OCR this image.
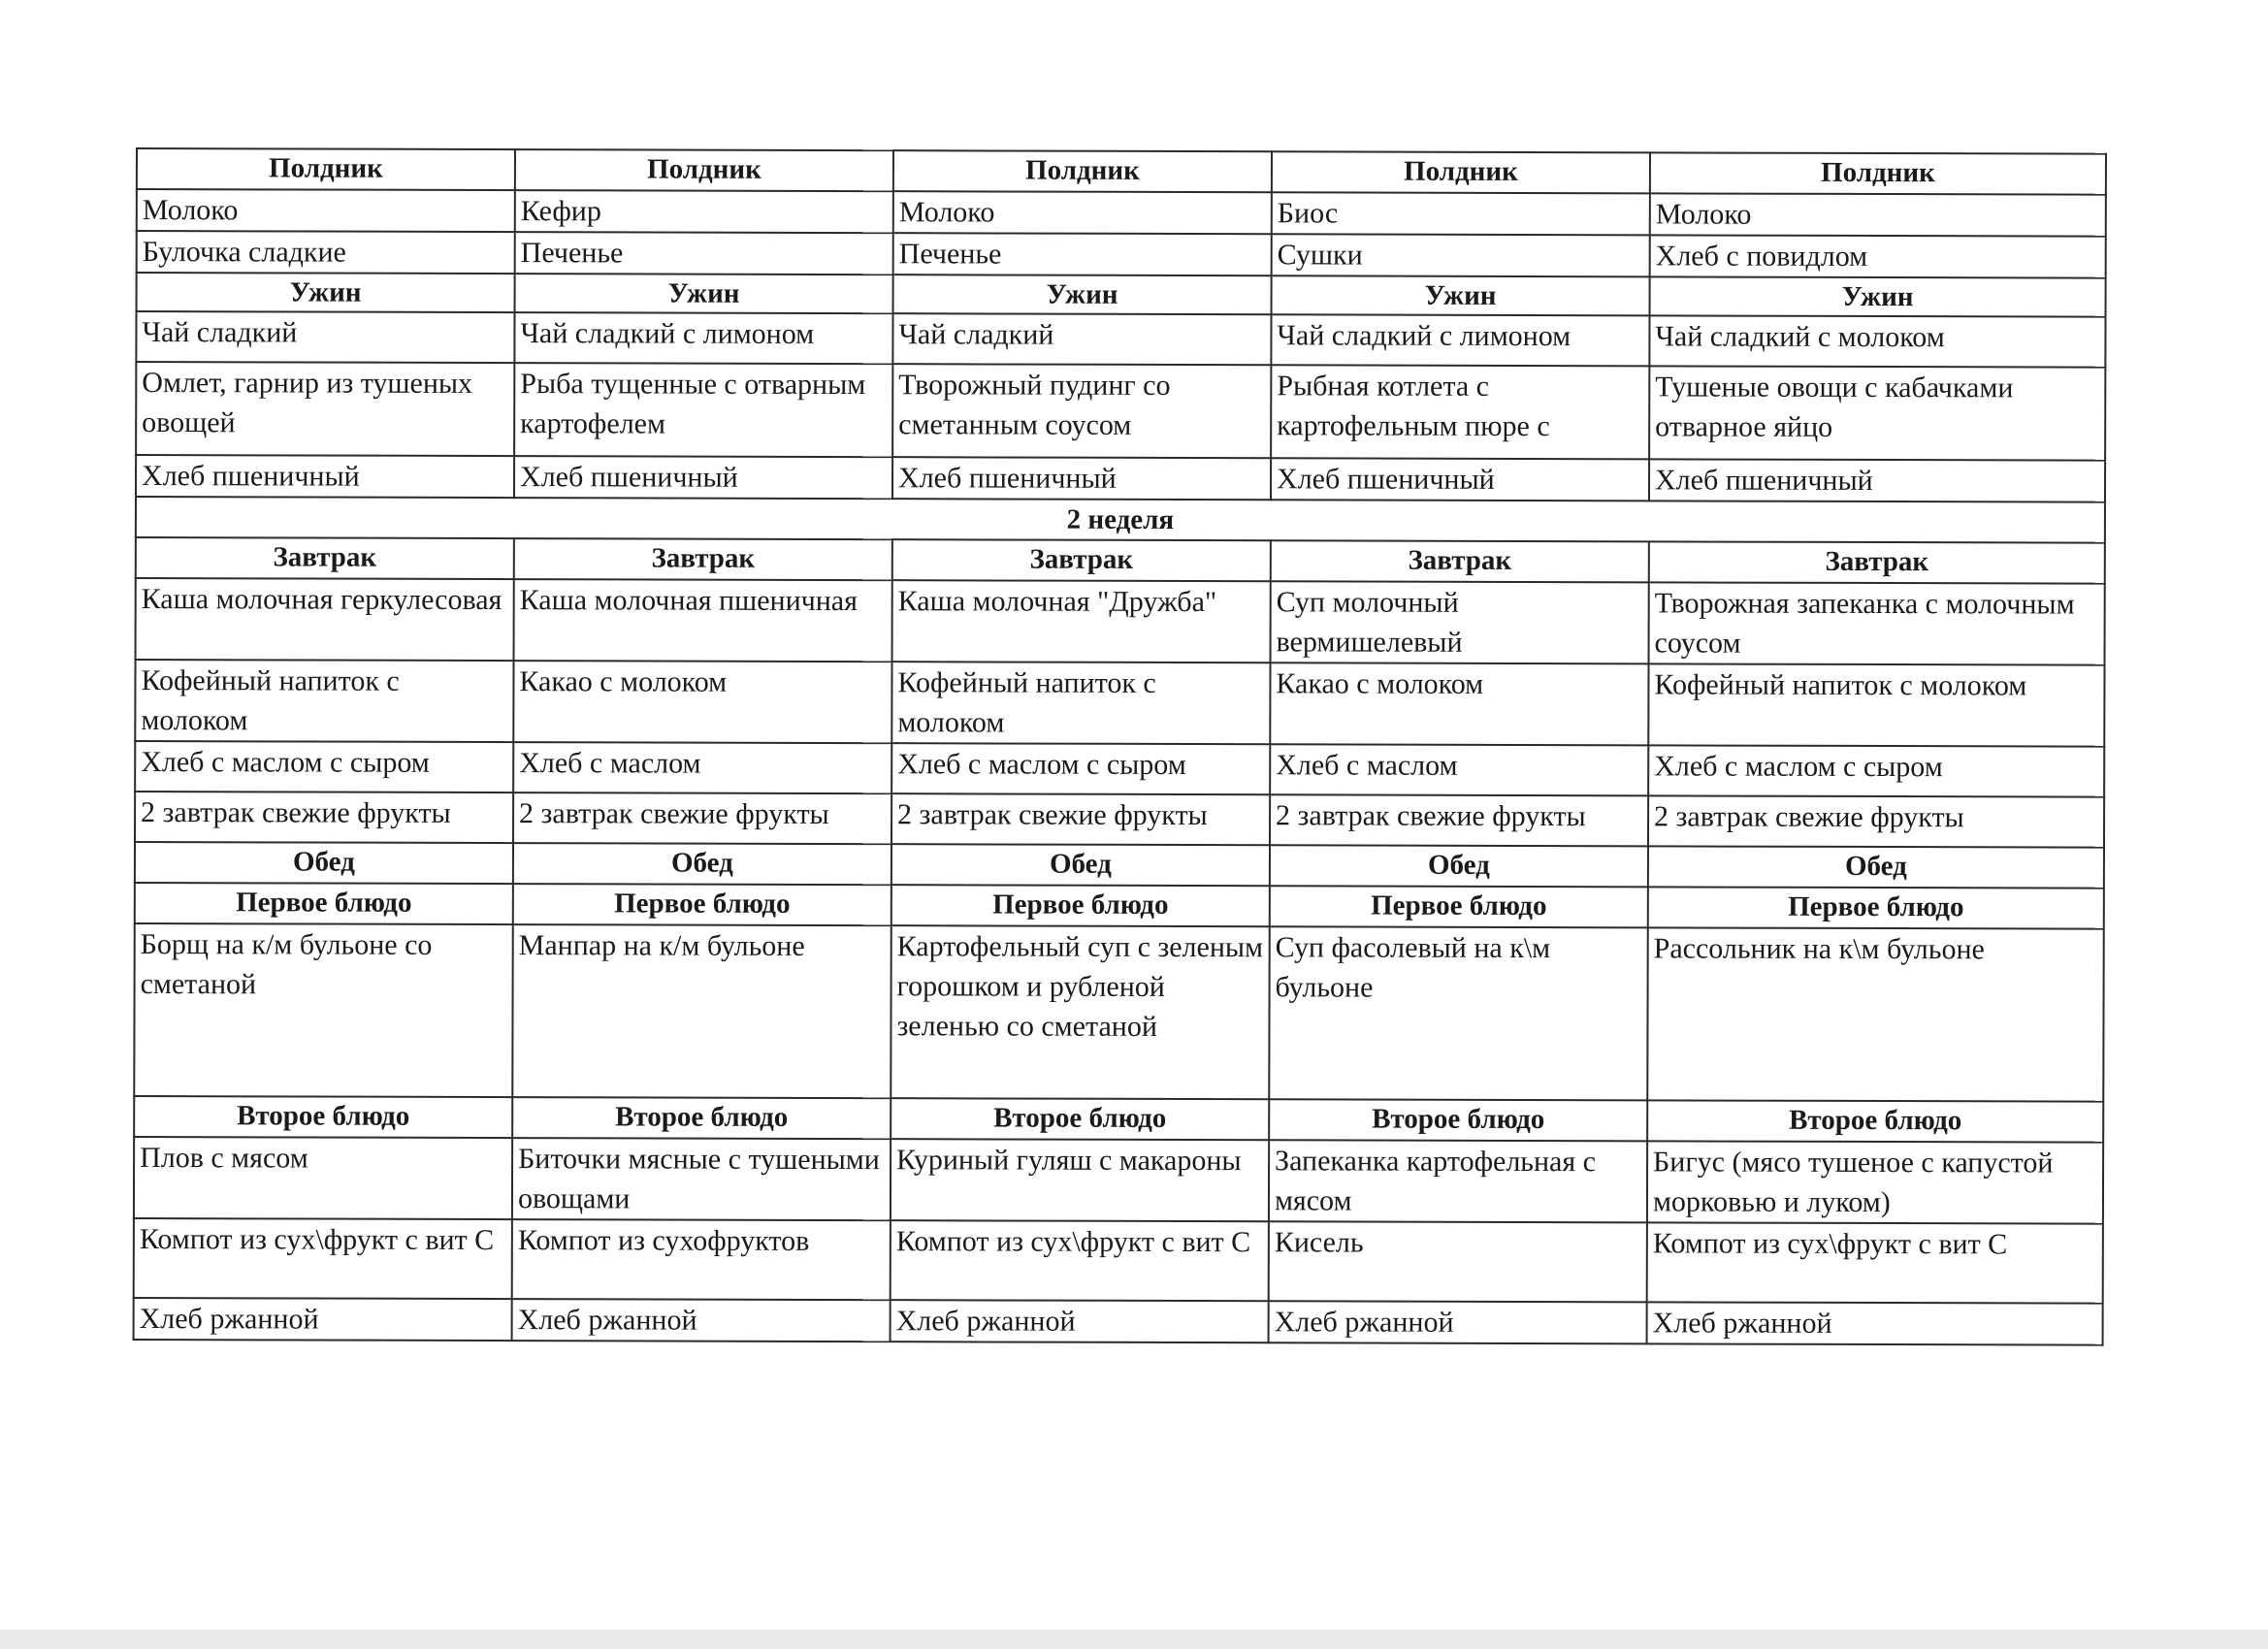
Полдник	Полдник	Полдник	Полдник	Полдник
Молоко	Кефир	Молоко	Биос	Молоко
Булочка сладкие	Печенье	Печенье	Сушки	Хлеб с повидлом
Ужин	Ужин	Ужин	Ужин	Ужин
Чай сладкий	Чай сладкий с лимоном	Чай сладкий	Чай сладкий с лимоном	Чай сладкий с молоком
Омлет, гарнир из тушеных овощей	Рыба тущенные с отварным картофелем	Творожный пудинг со сметанным соусом	Рыбная котлета с картофельным пюре с	Тушеные овощи с кабачками отварное яйцо
Хлеб пшеничный	Хлеб пшеничный	Хлеб пшеничный	Хлеб пшеничный	Хлеб пшеничный
2 неделя				
Завтрак	Завтрак	Завтрак	Завтрак	Завтрак
Каша молочная геркулесовая	Каша молочная пшеничная	Каша молочная "Дружба"	Суп молочный вермишелевый	Творожная запеканка с молочным соусом
Кофейный напиток с молоком	Какао с молоком	Кофейный напиток с молоком	Какао с молоком	Кофейный напиток с молоком
Хлеб с маслом с сыром	Хлеб с маслом	Хлеб с маслом с сыром	Хлеб с маслом	Хлеб с маслом с сыром
2 завтрак свежие фрукты	2 завтрак свежие фрукты	2 завтрак свежие фрукты	2 завтрак свежие фрукты	2 завтрак свежие фрукты
Обед	Обед	Обед	Обед	Обед
Первое блюдо	Первое блюдо	Первое блюдо	Первое блюдо	Первое блюдо
Борщ на к/м бульоне со сметаной	Манпар на к/м бульоне	Картофельный суп с зеленым горошком и рубленой зеленью со сметаной	Суп фасолевый на к\м бульоне	Рассольник на к\м бульоне
Второе блюдо	Второе блюдо	Второе блюдо	Второе блюдо	Второе блюдо
Плов с мясом	Биточки мясные с тушеными овощами	Куриный гуляш с макароны	Запеканка картофельная с мясом	Бигус (мясо тушеное с капустой морковью и луком)
Компот из сух\фрукт с вит С	Компот из сухофруктов	Компот из сух\фрукт с вит С	Кисель	Компот из сух\фрукт с вит С
Хлеб ржанной	Хлеб ржанной	Хлеб ржанной	Хлеб ржанной	Хлеб ржанной
